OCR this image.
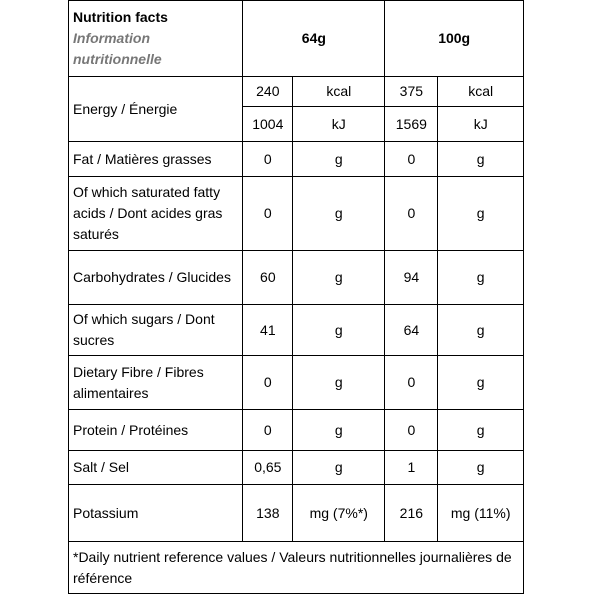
Nutrition facts
Information nutritionnelle	64g		100g	
Energy / Énergie	240	kcal	375	kcal
	1004	kJ	1569	kJ
Fat / Matières grasses	0	g	0	g
Of which saturated fatty acids / Dont acides gras saturés	0	g	0	g
Carbohydrates / Glucides	60	g	94	g
Of which sugars / Dont sucres	41	g	64	g
Dietary Fibre / Fibres alimentaires	0	g	0	g
Protein / Protéines	0	g	0	g
Salt / Sel	0,65	g	1	g
Potassium	138	mg (7%*)	216	mg (11%)
*Daily nutrient reference values / Valeurs nutritionnelles journalières de référence				
